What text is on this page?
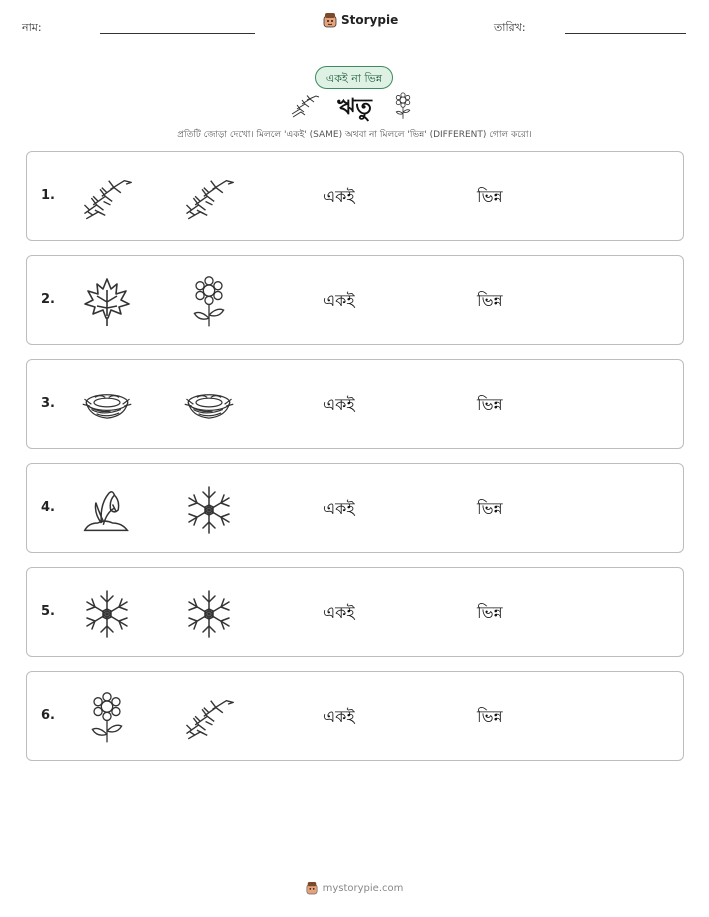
নাম:
Storypie
তারিখ:
একই না ভিন্ন
ঋতু
প্রতিটি জোড়া দেখো। মিললে 'একই' (SAME) অথবা না মিললে 'ভিন্ন' (DIFFERENT) গোল করো।
1.	একই	ভিন্ন
2.	একই	ভিন্ন
3.	একই	ভিন্ন
4.	একই	ভিন্ন
5.	একই	ভিন্ন
6.	একই	ভিন্ন
mystorypie.com
